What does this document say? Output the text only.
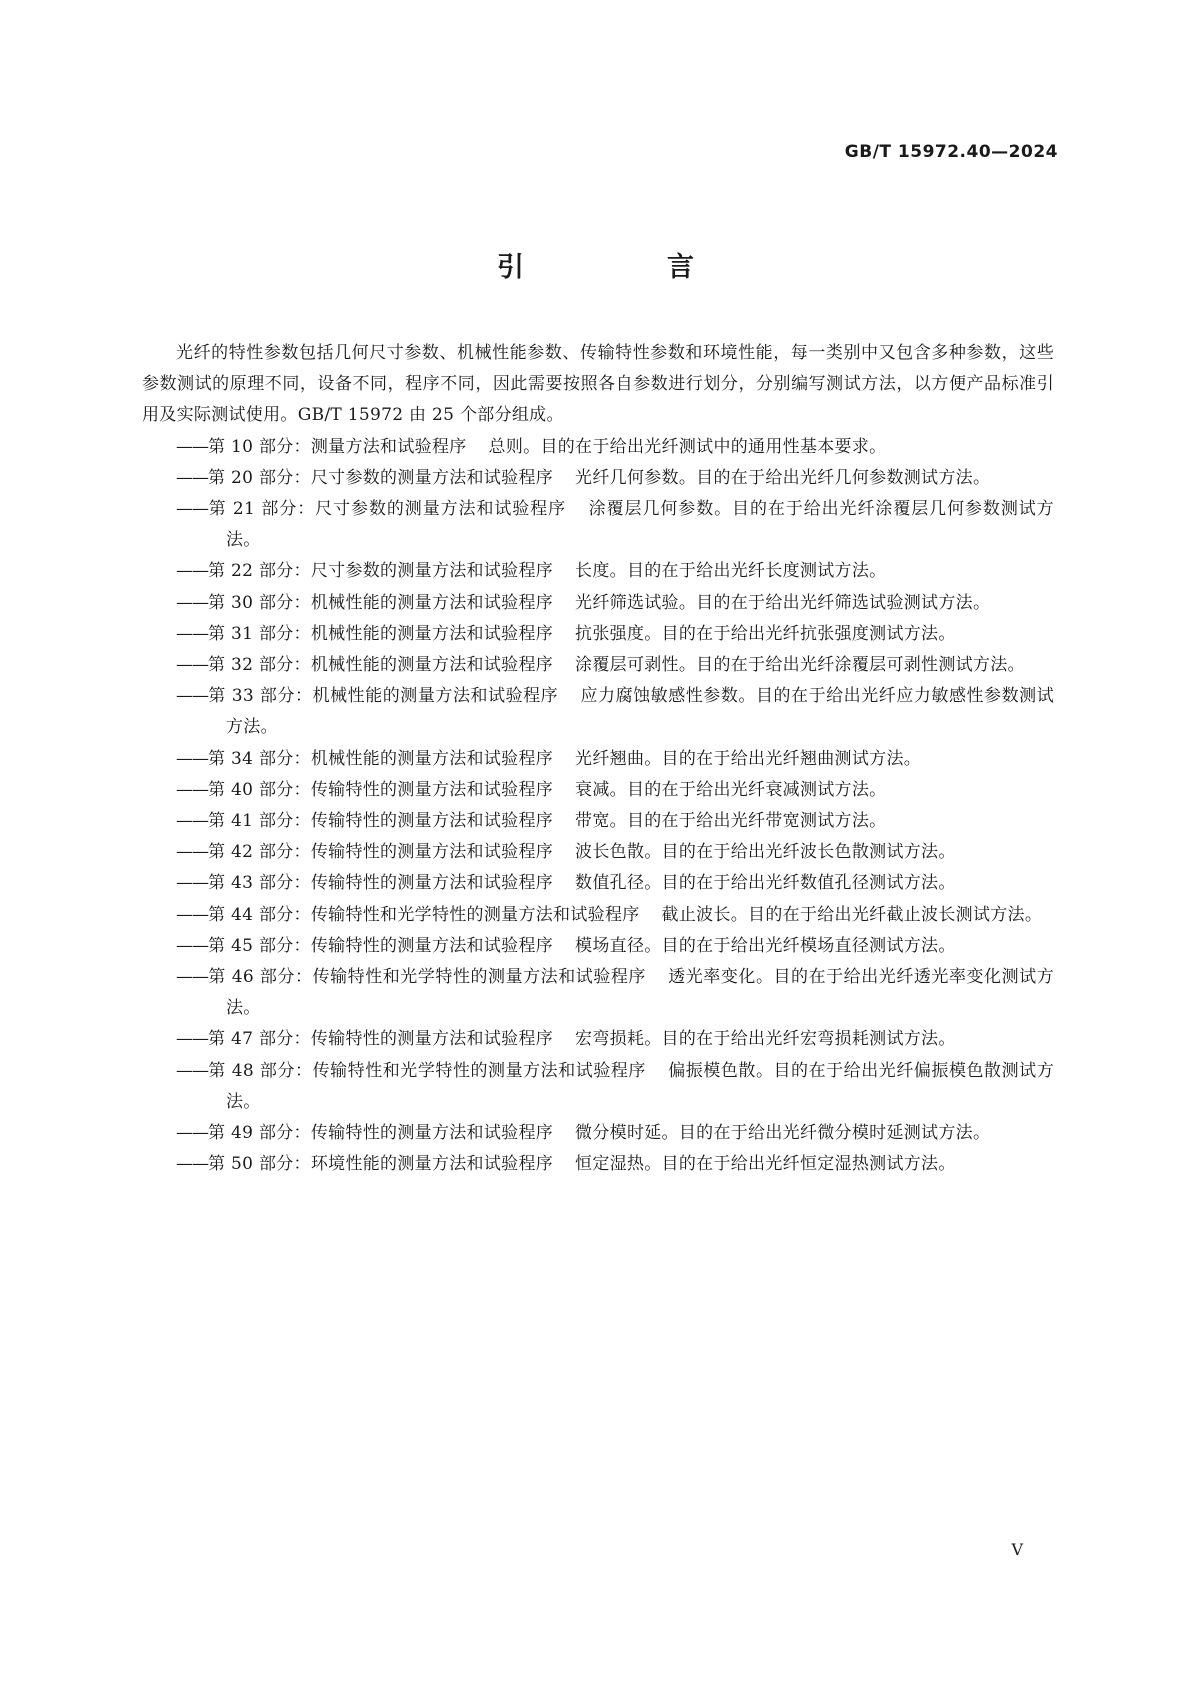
GB/T 15972.40—2024
引　言

光纤的特性参数包括几何尺寸参数、机械性能参数、传输特性参数和环境性能，每一类别中又包含多种参数，这些参数测试的原理不同，设备不同，程序不同，因此需要按照各自参数进行划分，分别编写测试方法，以方便产品标准引用及实际测试使用。GB/T 15972 由 25 个部分组成。

——第 10 部分：测量方法和试验程序 总则。目的在于给出光纤测试中的通用性基本要求。
——第 20 部分：尺寸参数的测量方法和试验程序 光纤几何参数。目的在于给出光纤几何参数测试方法。
——第 21 部分：尺寸参数的测量方法和试验程序 涂覆层几何参数。目的在于给出光纤涂覆层几何参数测试方法。
——第 22 部分：尺寸参数的测量方法和试验程序 长度。目的在于给出光纤长度测试方法。
——第 30 部分：机械性能的测量方法和试验程序 光纤筛选试验。目的在于给出光纤筛选试验测试方法。
——第 31 部分：机械性能的测量方法和试验程序 抗张强度。目的在于给出光纤抗张强度测试方法。
——第 32 部分：机械性能的测量方法和试验程序 涂覆层可剥性。目的在于给出光纤涂覆层可剥性测试方法。
——第 33 部分：机械性能的测量方法和试验程序 应力腐蚀敏感性参数。目的在于给出光纤应力敏感性参数测试方法。
——第 34 部分：机械性能的测量方法和试验程序 光纤翘曲。目的在于给出光纤翘曲测试方法。
——第 40 部分：传输特性的测量方法和试验程序 衰减。目的在于给出光纤衰减测试方法。
——第 41 部分：传输特性的测量方法和试验程序 带宽。目的在于给出光纤带宽测试方法。
——第 42 部分：传输特性的测量方法和试验程序 波长色散。目的在于给出光纤波长色散测试方法。
——第 43 部分：传输特性的测量方法和试验程序 数值孔径。目的在于给出光纤数值孔径测试方法。
——第 44 部分：传输特性和光学特性的测量方法和试验程序 截止波长。目的在于给出光纤截止波长测试方法。
——第 45 部分：传输特性的测量方法和试验程序 模场直径。目的在于给出光纤模场直径测试方法。
——第 46 部分：传输特性和光学特性的测量方法和试验程序 透光率变化。目的在于给出光纤透光率变化测试方法。
——第 47 部分：传输特性的测量方法和试验程序 宏弯损耗。目的在于给出光纤宏弯损耗测试方法。
——第 48 部分：传输特性和光学特性的测量方法和试验程序 偏振模色散。目的在于给出光纤偏振模色散测试方法。
——第 49 部分：传输特性的测量方法和试验程序 微分模时延。目的在于给出光纤微分模时延测试方法。
——第 50 部分：环境性能的测量方法和试验程序 恒定湿热。目的在于给出光纤恒定湿热测试方法。
V
